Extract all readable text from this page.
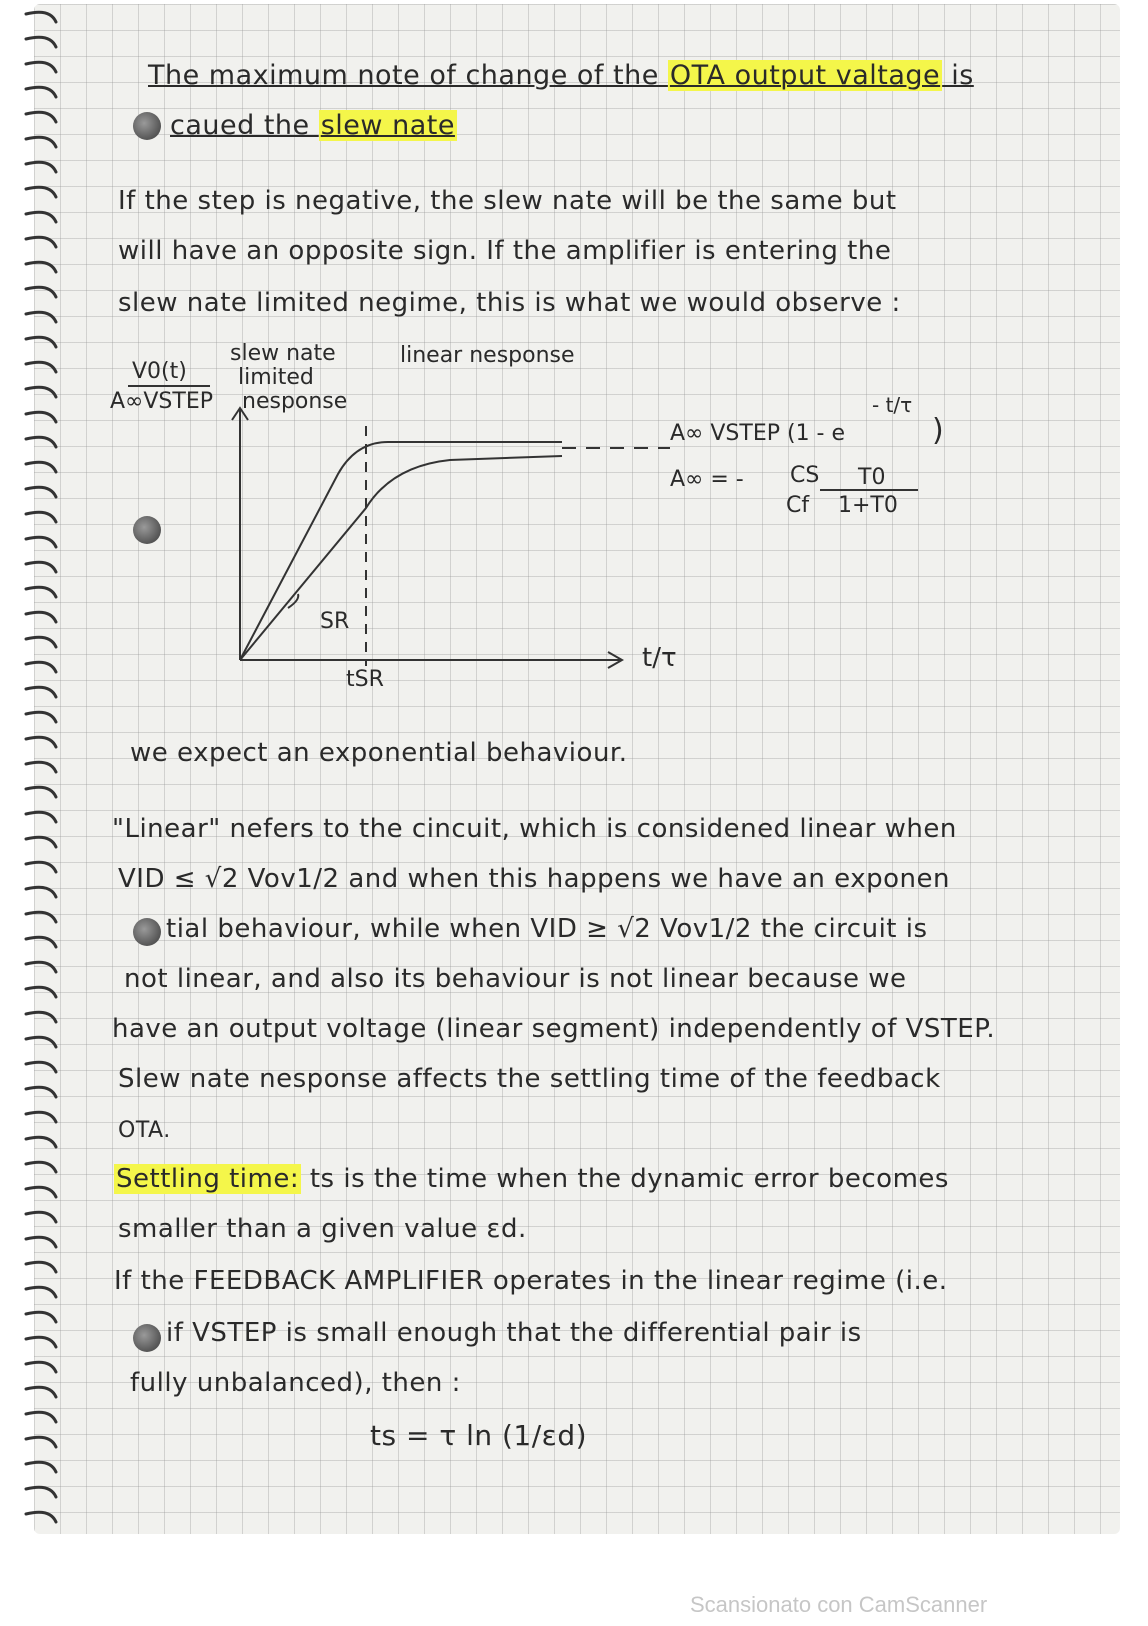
The maximum note of change of the OTA output valtage is
caued the slew nate
If the step is negative, the slew nate will be the same but
will have an opposite sign. If the amplifier is entering the
slew nate limited negime, this is what we would observe :
V0(t)
A∞VSTEP
slew nate
limited
nesponse
linear nesponse
SR
tSR
t/τ
A∞ VSTEP (1 - e
- t/τ
)
A∞ = - CS
Cf
T0
1+T0
we expect an exponential behaviour.
"Linear" nefers to the cincuit, which is considened linear when
VID ≤ √2 Vov1/2 and when this happens we have an exponen
tial behaviour, while when VID ≥ √2 Vov1/2 the circuit is
not linear, and also its behaviour is not linear because we
have an output voltage (linear segment) independently of VSTEP.
Slew nate nesponse affects the settling time of the feedback
OTA.
Settling time: ts is the time when the dynamic error becomes
smaller than a given value εd.
If the FEEDBACK AMPLIFIER operates in the linear regime (i.e.
if VSTEP is small enough that the differential pair is
fully unbalanced), then :
ts = τ ln (1/εd)
Scansionato con CamScanner
